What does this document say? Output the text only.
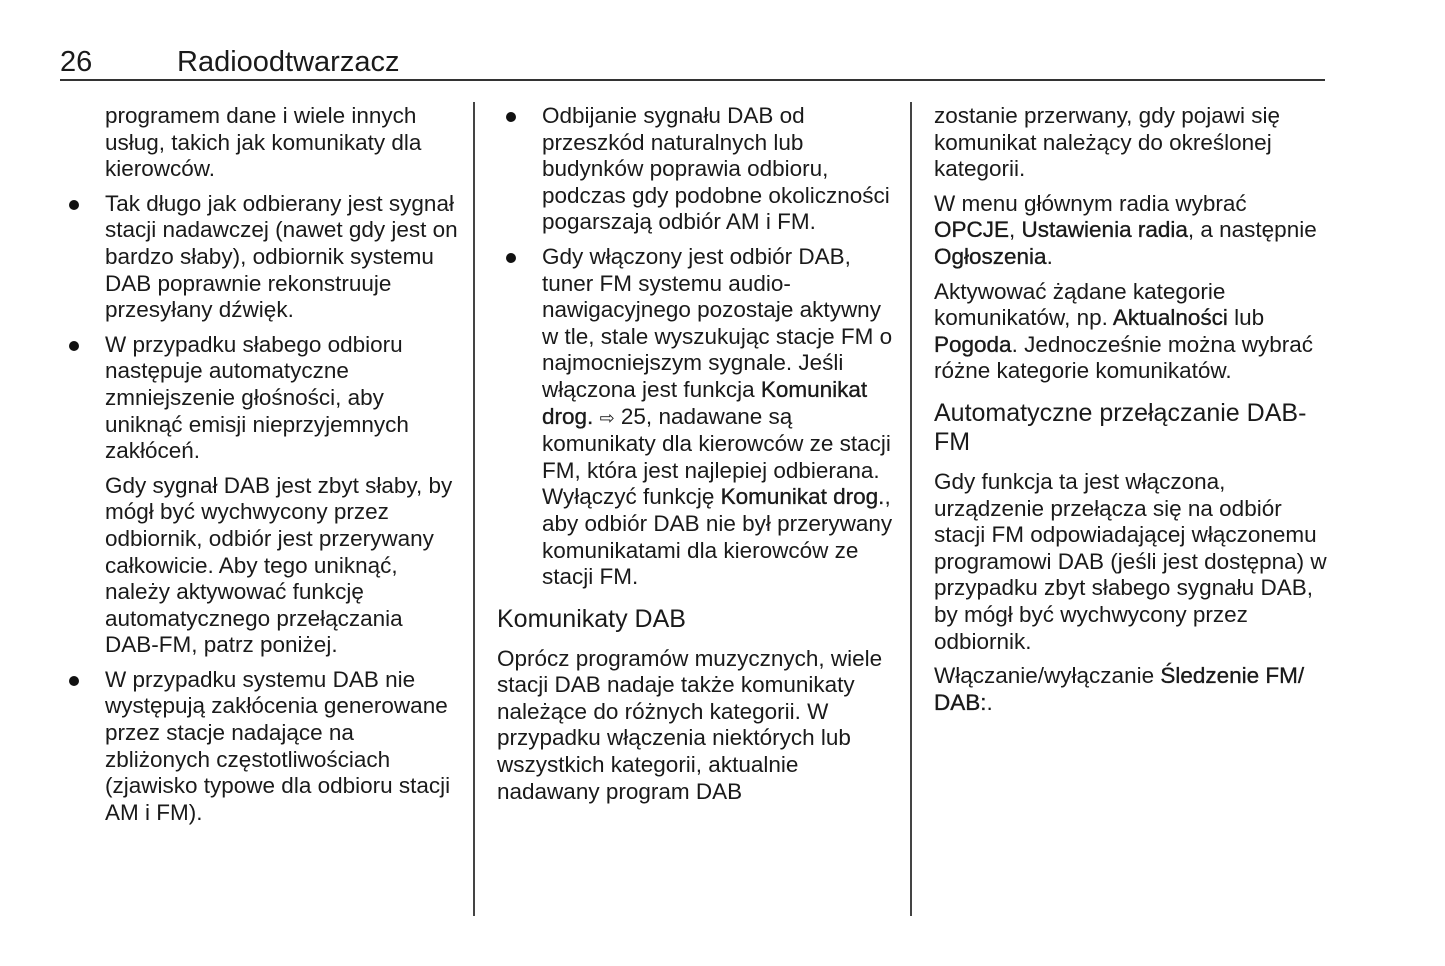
26	Radioodtwarzacz

programem dane i wiele innych usług, takich jak komunikaty dla kierowców.

Tak długo jak odbierany jest sygnał stacji nadawczej (nawet gdy jest on bardzo słaby), odbiornik systemu DAB poprawnie rekonstruuje przesyłany dźwięk.
W przypadku słabego odbioru następuje automatyczne zmniejszenie głośności, aby uniknąć emisji nieprzyjemnych zakłóceń.

Gdy sygnał DAB jest zbyt słaby, by mógł być wychwycony przez odbiornik, odbiór jest przerywany całkowicie. Aby tego uniknąć, należy aktywować funkcję automatycznego przełączania DAB-FM, patrz poniżej.

W przypadku systemu DAB nie występują zakłócenia generowane przez stacje nadające na zbliżonych częstotliwościach (zjawisko typowe dla odbioru stacji AM i FM).
Odbijanie sygnału DAB od przeszkód naturalnych lub budynków poprawia odbioru, podczas gdy podobne okoliczności pogarszają odbiór AM i FM.
Gdy włączony jest odbiór DAB, tuner FM systemu audio-nawigacyjnego pozostaje aktywny w tle, stale wyszukując stacje FM o najmocniejszym sygnale. Jeśli włączona jest funkcja Komunikat drog. ⇨ 25, nadawane są komunikaty dla kierowców ze stacji FM, która jest najlepiej odbierana. Wyłączyć funkcję Komunikat drog., aby odbiór DAB nie był przerywany komunikatami dla kierowców ze stacji FM.
Komunikaty DAB

Oprócz programów muzycznych, wiele stacji DAB nadaje także komunikaty należące do różnych kategorii. W przypadku włączenia niektórych lub wszystkich kategorii, aktualnie nadawany program DAB

zostanie przerwany, gdy pojawi się komunikat należący do określonej kategorii.

W menu głównym radia wybrać OPCJE, Ustawienia radia, a następnie Ogłoszenia.

Aktywować żądane kategorie komunikatów, np. Aktualności lub Pogoda. Jednocześnie można wybrać różne kategorie komunikatów.

Automatyczne przełączanie DAB-FM

Gdy funkcja ta jest włączona, urządzenie przełącza się na odbiór stacji FM odpowiadającej włączonemu programowi DAB (jeśli jest dostępna) w przypadku zbyt słabego sygnału DAB, by mógł być wychwycony przez odbiornik.

Włączanie/wyłączanie Śledzenie FM/ DAB:.
